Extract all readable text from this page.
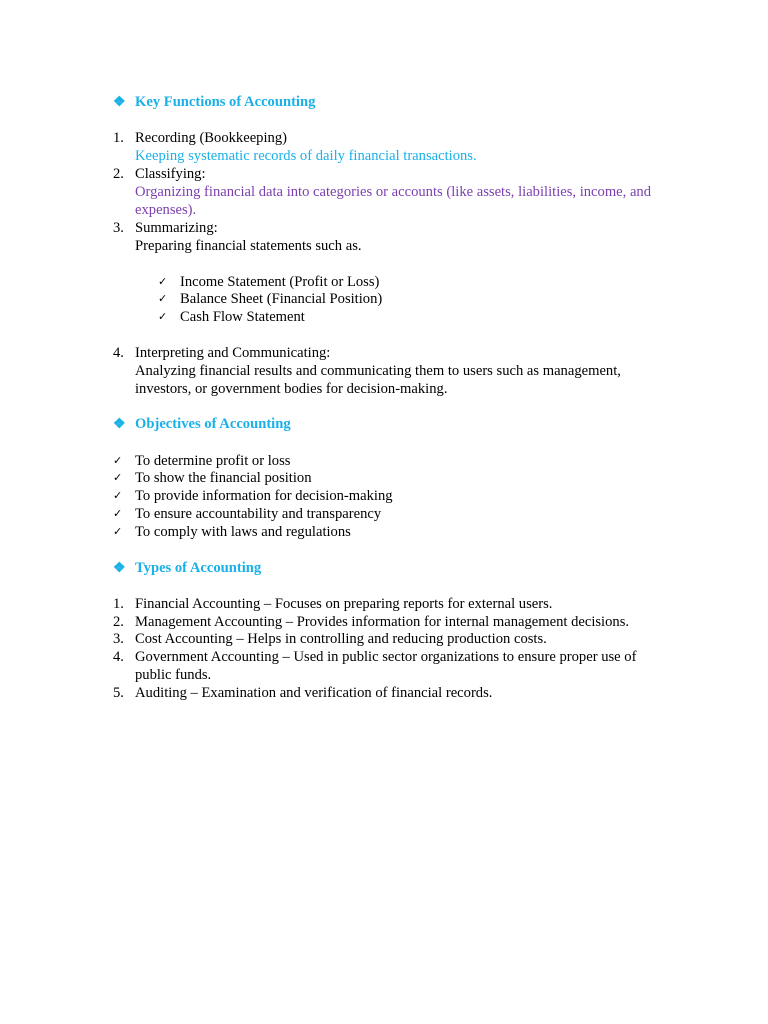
❖ Key Functions of Accounting
1. Recording (Bookkeeping)
Keeping systematic records of daily financial transactions.
2. Classifying:
Organizing financial data into categories or accounts (like assets, liabilities, income, and
expenses).
3. Summarizing:
Preparing financial statements such as.
✓ Income Statement (Profit or Loss)
✓ Balance Sheet (Financial Position)
✓ Cash Flow Statement
4. Interpreting and Communicating:
Analyzing financial results and communicating them to users such as management,
investors, or government bodies for decision-making.
❖ Objectives of Accounting
✓ To determine profit or loss
✓ To show the financial position
✓ To provide information for decision-making
✓ To ensure accountability and transparency
✓ To comply with laws and regulations
❖ Types of Accounting
1. Financial Accounting – Focuses on preparing reports for external users.
2. Management Accounting – Provides information for internal management decisions.
3. Cost Accounting – Helps in controlling and reducing production costs.
4. Government Accounting – Used in public sector organizations to ensure proper use of
public funds.
5. Auditing – Examination and verification of financial records.
